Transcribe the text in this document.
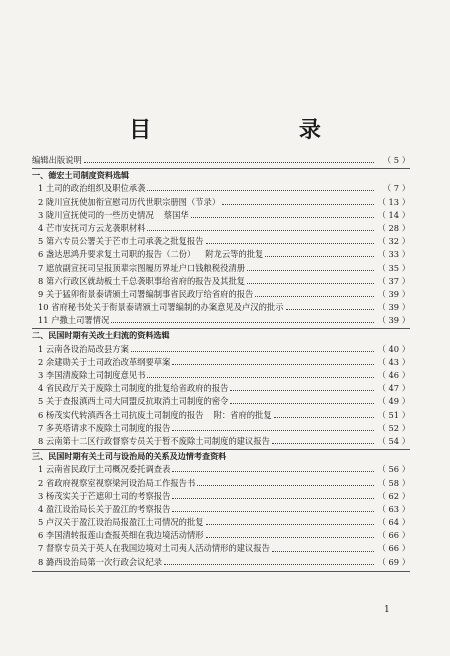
目 录
编辑出版说明	（ 5 ）
一、德宏土司制度资料选辑
1 土司的政治组织及职位承袭	（ 7 ）
2 陇川宣抚使加衔宣慰司历代世职宗册图（节录）	（ 13 ）
3 陇川宣抚使司的一些历史情况 蔡国华	（ 14 ）
4 芒市安抚司方云龙袭职材料	（ 28 ）
5 第六专员公署关于芒市土司承袭之批复报告	（ 32 ）
6 盏达思鸿升要求复土司职的报告（二份） 附龙云等的批复	（ 33 ）
7 遮放副宣抚司呈报顶辈宗图履历界址户口钱粮税役清册	（ 35 ）
8 第六行政区就劫板土千总袭职事给省府的报告及其批复	（ 37 ）
9 关于猛卯衔景泰请颁土司署编制事省民政厅给省府的报告	（ 39 ）
10 省府秘书处关于衔景泰请颁土司署编制的办案意见及卢汉的批示	（ 39 ）
11 户撒土司署情况	（ 39 ）
二、民国时期有关改土归流的资料选辑
1 云南各设治局改县方案	（ 40 ）
2 余建勋关于土司政治改革纲要草案	（ 43 ）
3 李国清废除土司制度意见书	（ 46 ）
4 省民政厅关于废除土司制度的批复给省政府的报告	（ 47 ）
5 关于查报滇西土司大同盟反抗取消土司制度的密令	（ 49 ）
6 杨茂实代转滇西各土司抗废土司制度的报告 附：省府的批复	（ 51 ）
7 多英塔请求不废除土司制度的报告	（ 52 ）
8 云南第十二区行政督察专员关于暂不废除土司制度的建议报告	（ 54 ）
三、民国时期有关土司与设治局的关系及边情考查资料
1 云南省民政厅土司概况委托调查表	（ 56 ）
2 省政府视察室视察梁河设治局工作报告书	（ 58 ）
3 杨茂实关于芒遮卯土司的考察报告	（ 62 ）
4 盈江设治局长关于盈江的考察报告	（ 63 ）
5 卢汉关于盈江设治局报盈江土司情况的批复	（ 64 ）
6 李国清转报莲山查报英细在我边境活动情形	（ 66 ）
7 督察专员关于英人在我国边境对土司夷人活动情形的建议报告	（ 66 ）
8 潞西设治局第一次行政会议纪录	（ 69 ）
1
